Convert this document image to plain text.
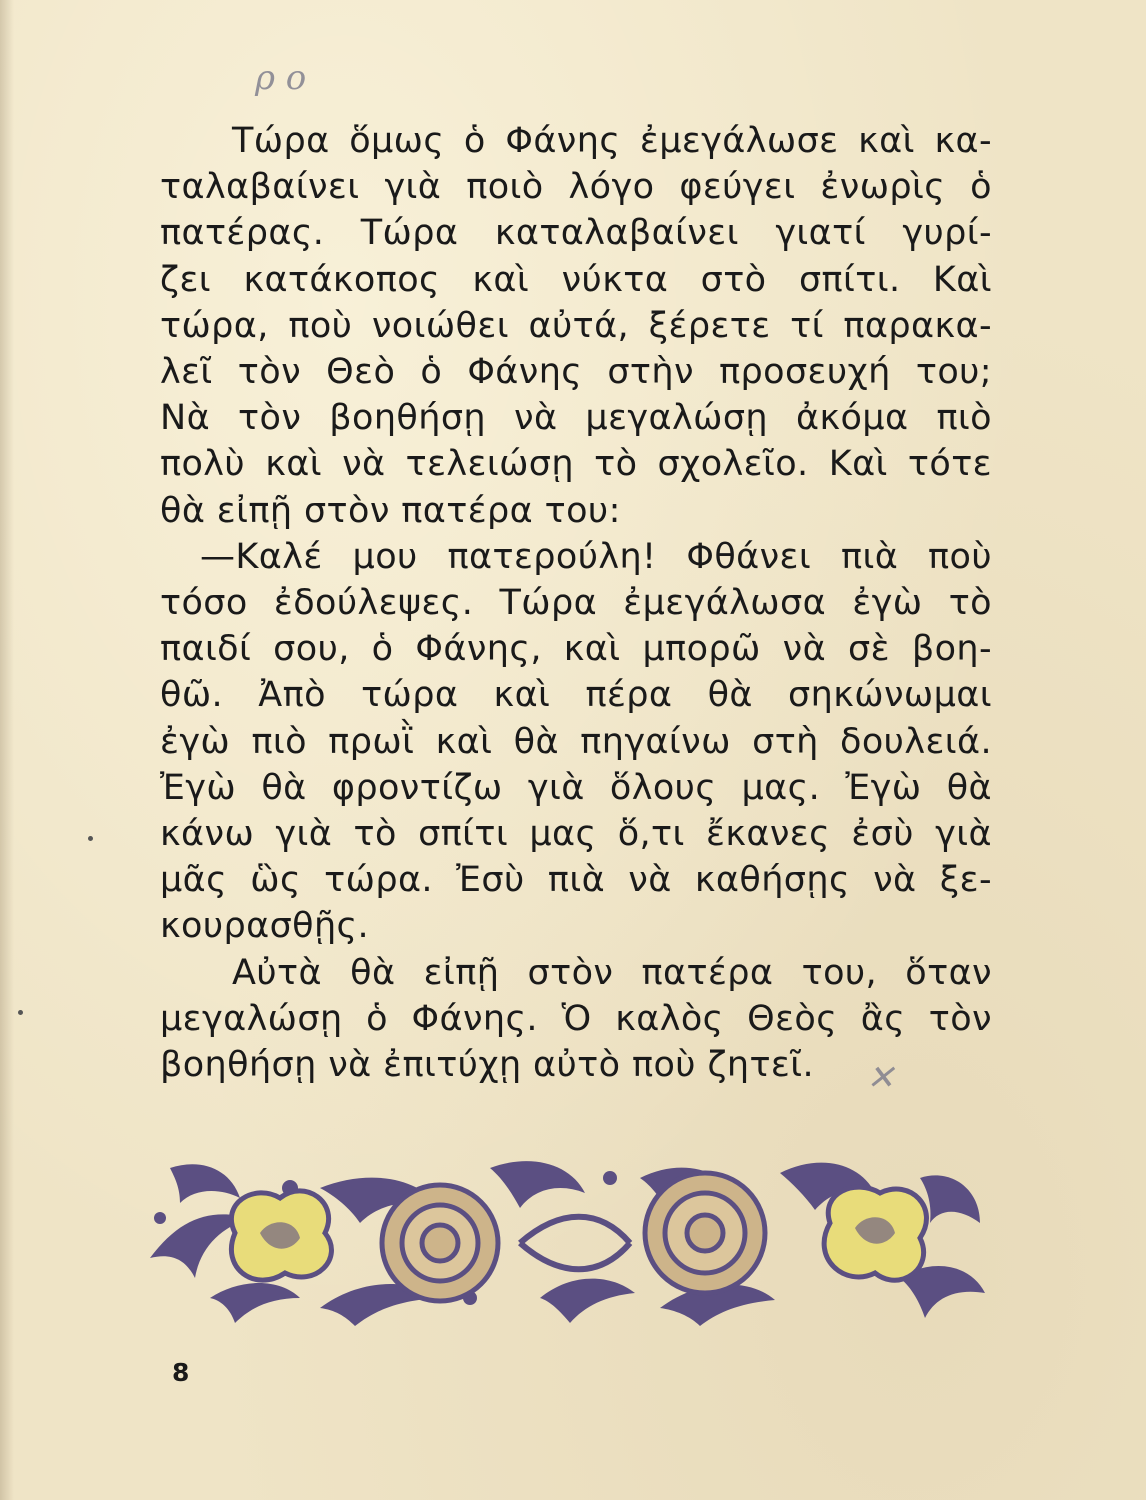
ρ ο
✕
Τώρα ὅμως ὁ Φάνης ἐμεγάλωσε καὶ κα-
ταλαβαίνει γιὰ ποιὸ λόγο φεύγει ἐνωρὶς ὁ
πατέρας. Τώρα καταλαβαίνει γιατί γυρί-
ζει κατάκοπος καὶ νύκτα στὸ σπίτι. Καὶ
τώρα, ποὺ νοιώθει αὐτά, ξέρετε τί παρακα-
λεῖ τὸν Θεὸ ὁ Φάνης στὴν προσευχή του;
Νὰ τὸν βοηθήσῃ νὰ μεγαλώσῃ ἀκόμα πιὸ
πολὺ καὶ νὰ τελειώσῃ τὸ σχολεῖο. Καὶ τότε
θὰ εἰπῇ στὸν πατέρα του:
—Καλέ μου πατερούλη! Φθάνει πιὰ ποὺ
τόσο ἐδούλεψες. Τώρα ἐμεγάλωσα ἐγὼ τὸ
παιδί σου, ὁ Φάνης, καὶ μπορῶ νὰ σὲ βοη-
θῶ. Ἀπὸ τώρα καὶ πέρα θὰ σηκώνωμαι
ἐγὼ πιὸ πρωῒ καὶ θὰ πηγαίνω στὴ δουλειά.
Ἐγὼ θὰ φροντίζω γιὰ ὅλους μας. Ἐγὼ θὰ
κάνω γιὰ τὸ σπίτι μας ὅ,τι ἔκανες ἐσὺ γιὰ
μᾶς ὣς τώρα. Ἐσὺ πιὰ νὰ καθήσῃς νὰ ξε-
κουρασθῇς.
Αὐτὰ θὰ εἰπῇ στὸν πατέρα του, ὅταν
μεγαλώσῃ ὁ Φάνης. Ὁ καλὸς Θεὸς ἂς τὸν
βοηθήσῃ νὰ ἐπιτύχῃ αὐτὸ ποὺ ζητεῖ.
8
